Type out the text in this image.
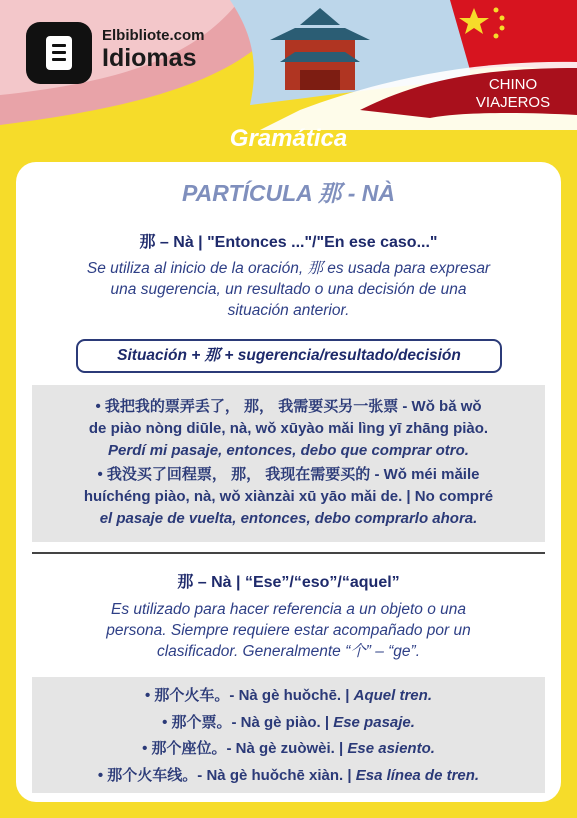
Elbibliote.com
Idiomas
CHINO
VIAJEROS
Gramática
PARTÍCULA 那 - NÀ
那 – Nà | "Entonces ..."/"En ese caso..."
Se utiliza al inicio de la oración, 那 es usada para expresar
una sugerencia, un resultado o una decisión de una
situación anterior.
Situación + 那 + sugerencia/resultado/decisión
• 我把我的票弄丢了， 那， 我需要买另一张票 - Wǒ bǎ wǒ
de piào nòng diūle, nà, wǒ xūyào mǎi lìng yī zhāng piào.
Perdí mi pasaje, entonces, debo que comprar otro.
• 我没买了回程票， 那， 我现在需要买的 - Wǒ méi mǎile
huíchéng piào, nà, wǒ xiànzài xū yāo mǎi de. | No compré
el pasaje de vuelta, entonces, debo comprarlo ahora.
那 – Nà | “Ese”/“eso”/“aquel”
Es utilizado para hacer referencia a un objeto o una
persona. Siempre requiere estar acompañado por un
clasificador. Generalmente “个” – “ge”.
• 那个火车。- Nà gè huǒchē. | Aquel tren.
• 那个票。- Nà gè piào. | Ese pasaje.
• 那个座位。- Nà gè zuòwèi. | Ese asiento.
• 那个火车线。- Nà gè huǒchē xiàn. | Esa línea de tren.
